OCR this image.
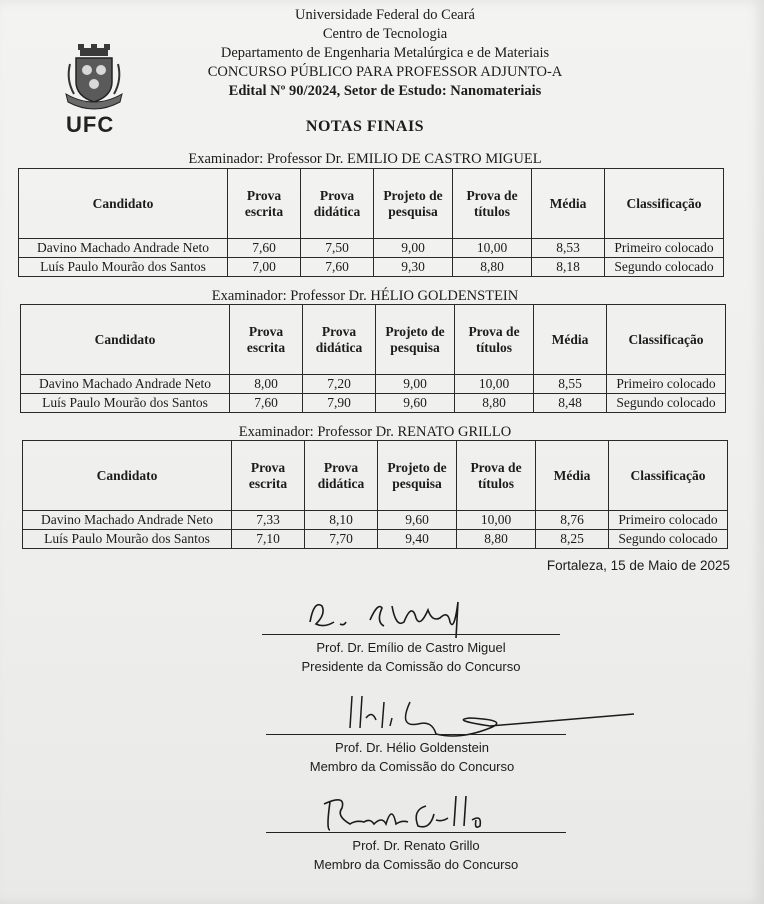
UFC
Universidade Federal do Ceará
Centro de Tecnologia
Departamento de Engenharia Metalúrgica e de Materiais
CONCURSO PÚBLICO PARA PROFESSOR ADJUNTO-A
Edital Nº 90/2024, Setor de Estudo: Nanomateriais
NOTAS FINAIS
Examinador: Professor Dr. EMILIO DE CASTRO MIGUEL
Candidato	Prova escrita	Prova didática	Projeto de pesquisa	Prova de títulos	Média	Classificação
Davino Machado Andrade Neto	7,60	7,50	9,00	10,00	8,53	Primeiro colocado
Luís Paulo Mourão dos Santos	7,00	7,60	9,30	8,80	8,18	Segundo colocado
Examinador: Professor Dr. HÉLIO GOLDENSTEIN
Candidato	Prova escrita	Prova didática	Projeto de pesquisa	Prova de títulos	Média	Classificação
Davino Machado Andrade Neto	8,00	7,20	9,00	10,00	8,55	Primeiro colocado
Luís Paulo Mourão dos Santos	7,60	7,90	9,60	8,80	8,48	Segundo colocado
Examinador: Professor Dr. RENATO GRILLO
Candidato	Prova escrita	Prova didática	Projeto de pesquisa	Prova de títulos	Média	Classificação
Davino Machado Andrade Neto	7,33	8,10	9,60	10,00	8,76	Primeiro colocado
Luís Paulo Mourão dos Santos	7,10	7,70	9,40	8,80	8,25	Segundo colocado
Fortaleza, 15 de Maio de 2025
Prof. Dr. Emílio de Castro Miguel
Presidente da Comissão do Concurso
Prof. Dr. Hélio Goldenstein
Membro da Comissão do Concurso
Prof. Dr. Renato Grillo
Membro da Comissão do Concurso
